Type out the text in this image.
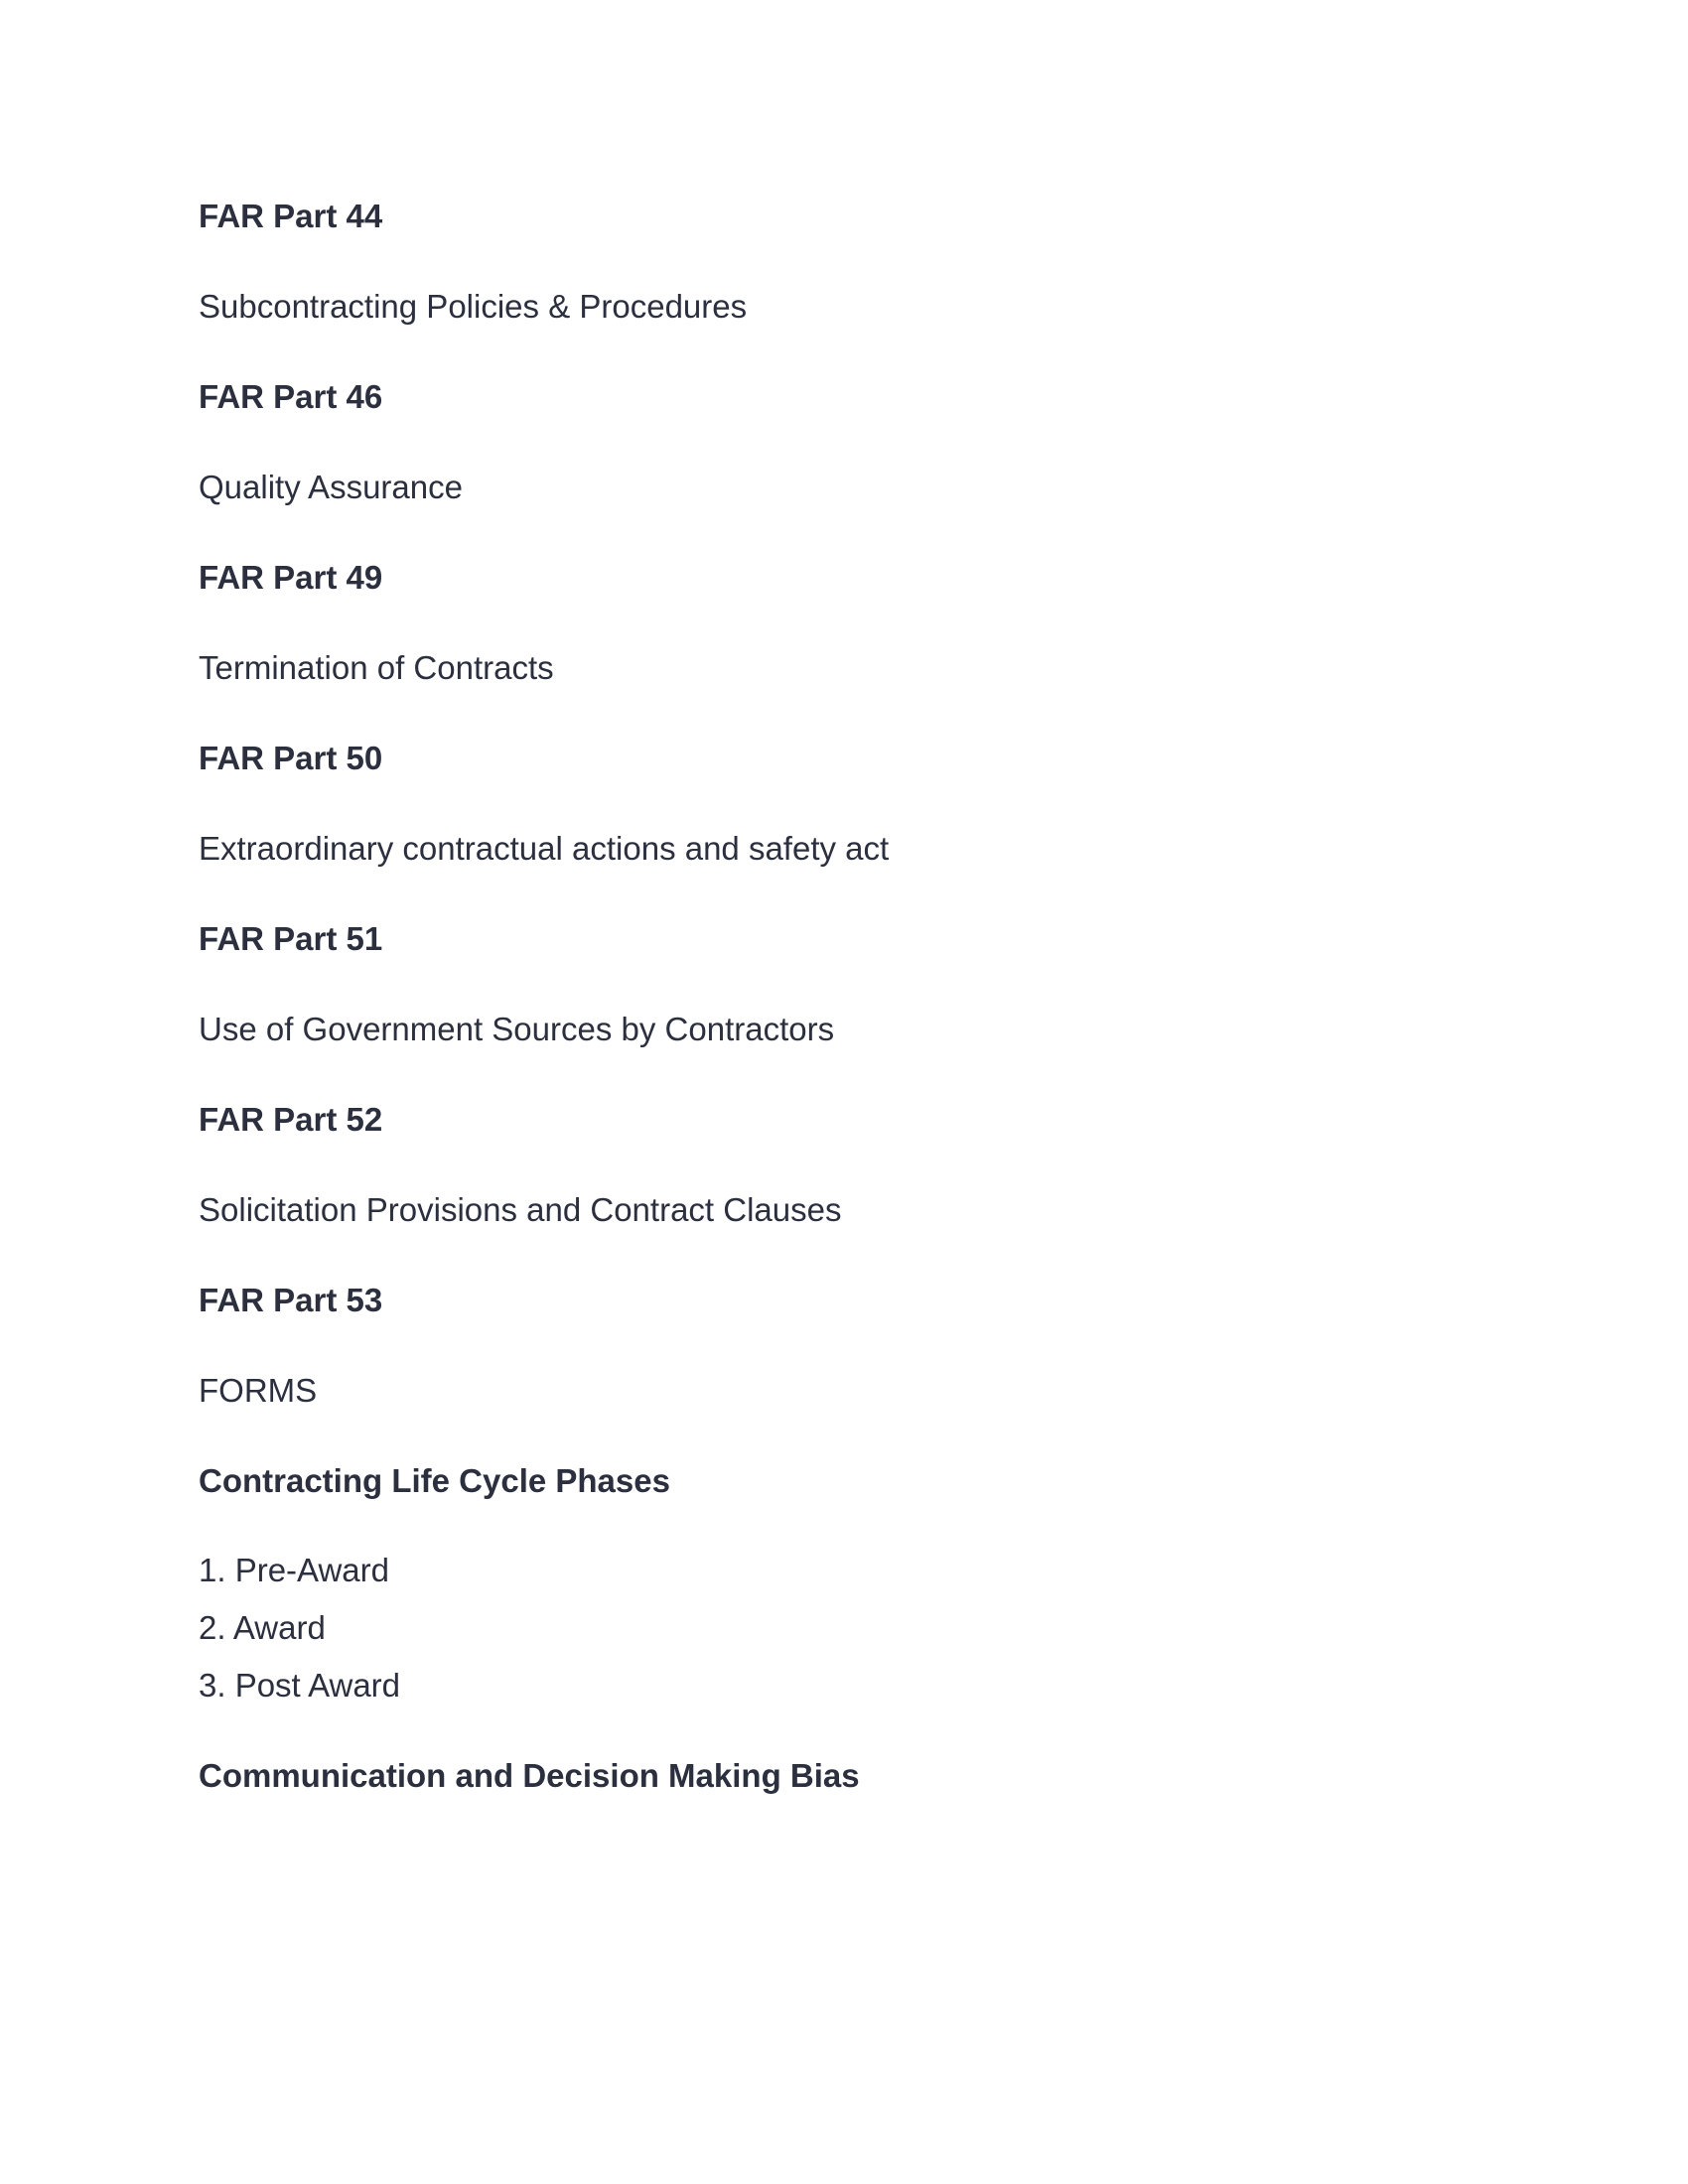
FAR Part 44
Subcontracting Policies & Procedures
FAR Part 46
Quality Assurance
FAR Part 49
Termination of Contracts
FAR Part 50
Extraordinary contractual actions and safety act
FAR Part 51
Use of Government Sources by Contractors
FAR Part 52
Solicitation Provisions and Contract Clauses
FAR Part 53
FORMS
Contracting Life Cycle Phases
1. Pre-Award
2. Award
3. Post Award
Communication and Decision Making Bias
